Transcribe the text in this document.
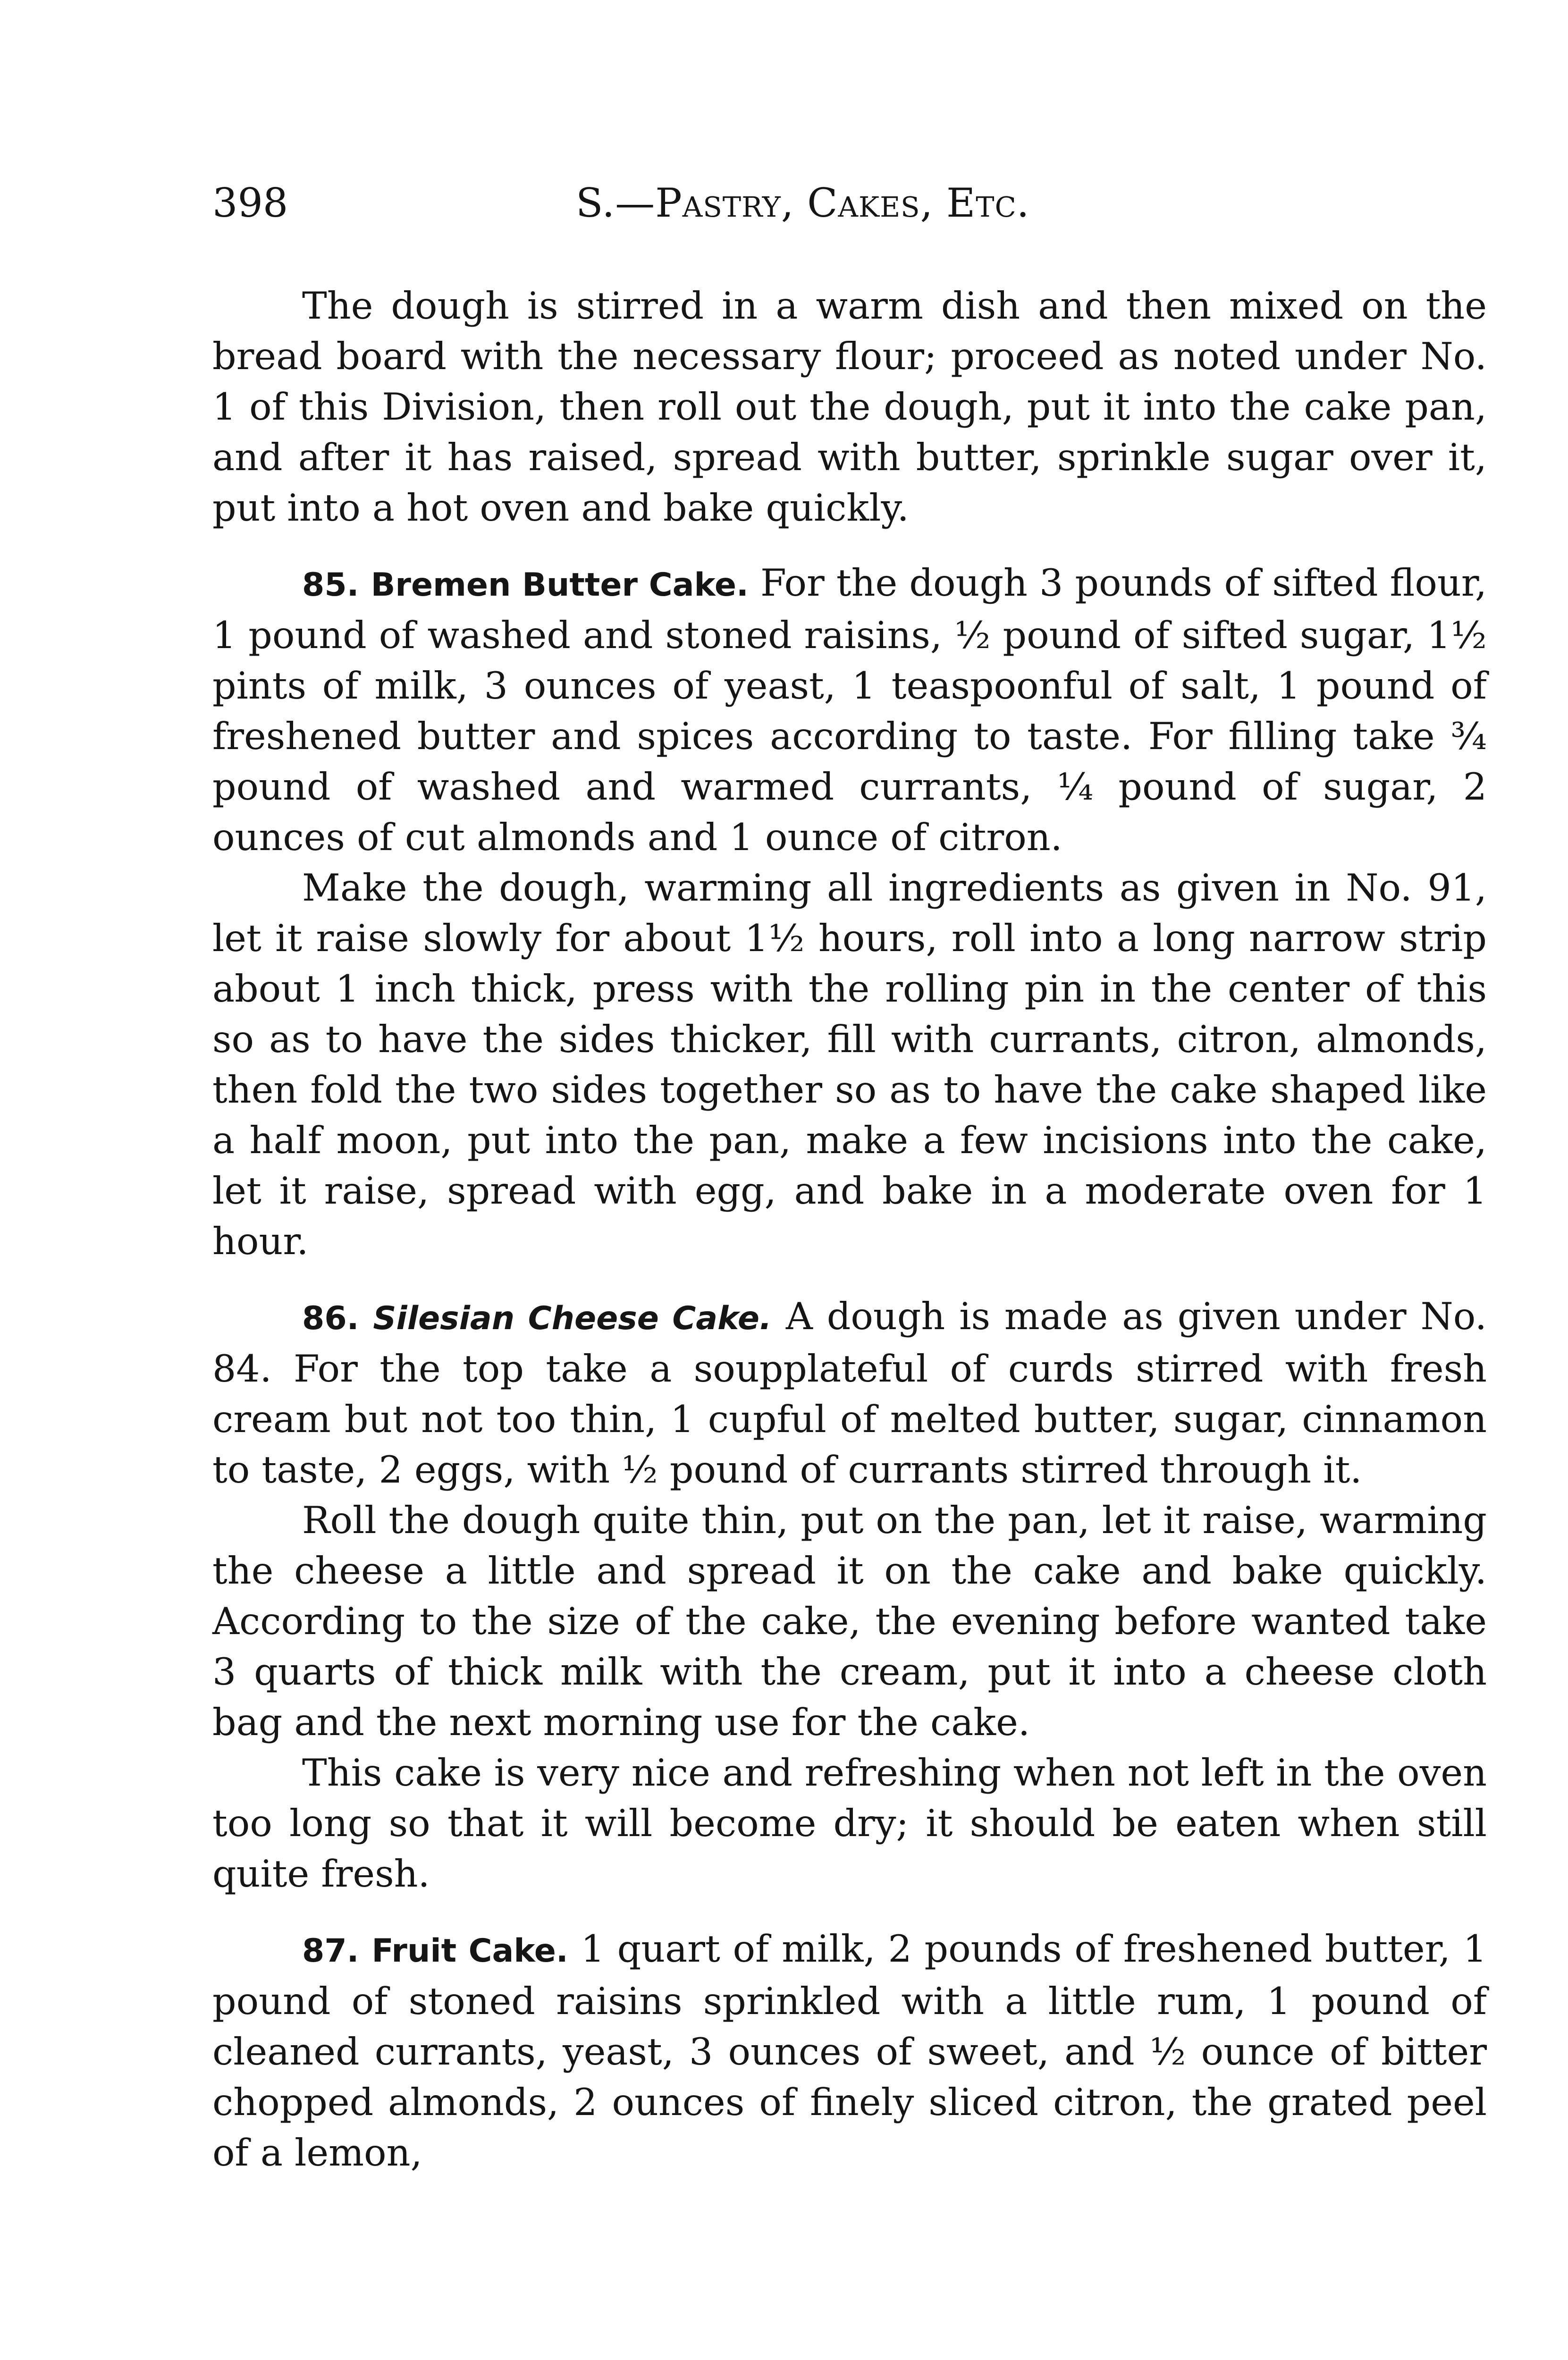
398	S.—Pastry, Cakes, Etc.

The dough is stirred in a warm dish and then mixed on the bread board with the necessary flour; proceed as noted under No. 1 of this Division, then roll out the dough, put it into the cake pan, and after it has raised, spread with butter, sprinkle sugar over it, put into a hot oven and bake quickly.

85. Bremen Butter Cake. For the dough 3 pounds of sifted flour, 1 pound of washed and stoned raisins, ½ pound of sifted sugar, 1½ pints of milk, 3 ounces of yeast, 1 teaspoonful of salt, 1 pound of freshened butter and spices according to taste. For filling take ¾ pound of washed and warmed currants, ¼ pound of sugar, 2 ounces of cut almonds and 1 ounce of citron.

Make the dough, warming all ingredients as given in No. 91, let it raise slowly for about 1½ hours, roll into a long narrow strip about 1 inch thick, press with the rolling pin in the center of this so as to have the sides thicker, fill with currants, citron, almonds, then fold the two sides together so as to have the cake shaped like a half moon, put into the pan, make a few incisions into the cake, let it raise, spread with egg, and bake in a moderate oven for 1 hour.

86. Silesian Cheese Cake. A dough is made as given under No. 84. For the top take a soupplateful of curds stirred with fresh cream but not too thin, 1 cupful of melted butter, sugar, cinnamon to taste, 2 eggs, with ½ pound of currants stirred through it.

Roll the dough quite thin, put on the pan, let it raise, warming the cheese a little and spread it on the cake and bake quickly. According to the size of the cake, the evening before wanted take 3 quarts of thick milk with the cream, put it into a cheese cloth bag and the next morning use for the cake.

This cake is very nice and refreshing when not left in the oven too long so that it will become dry; it should be eaten when still quite fresh.

87. Fruit Cake. 1 quart of milk, 2 pounds of freshened butter, 1 pound of stoned raisins sprinkled with a little rum, 1 pound of cleaned currants, yeast, 3 ounces of sweet, and ½ ounce of bitter chopped almonds, 2 ounces of finely sliced citron, the grated peel of a lemon,
